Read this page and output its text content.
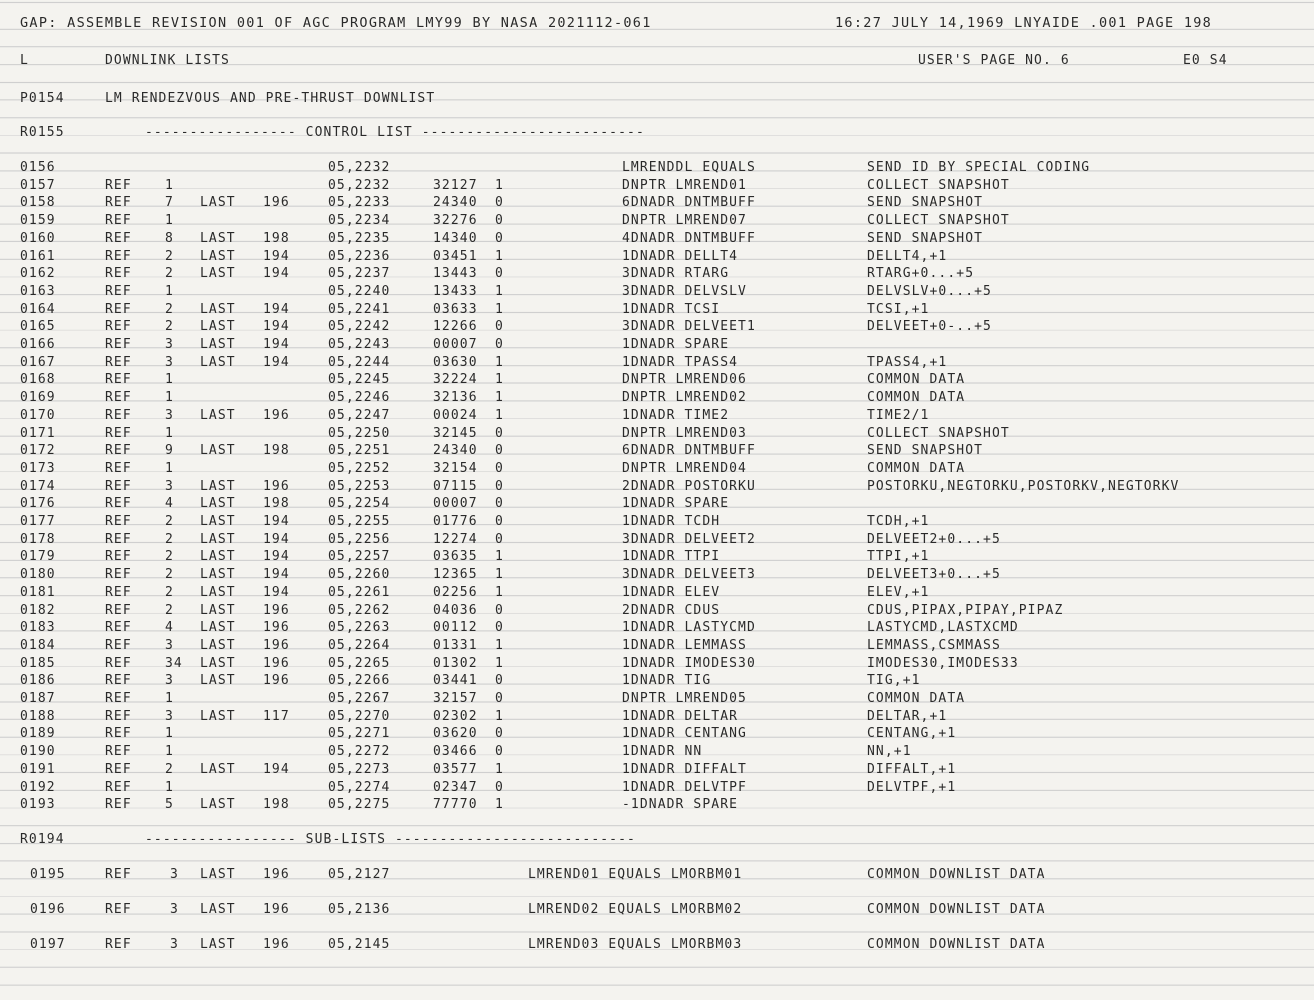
GAP: ASSEMBLE REVISION 001 OF AGC PROGRAM LMY99 BY NASA 2021112-061

	16:27 JULY 14,1969 LNYAIDE .001 PAGE 198

L

	DOWNLINK LISTS

	USER'S PAGE NO. 6

	E0 S4

P0154

	LM RENDEZVOUS AND PRE-THRUST DOWNLIST

R0155

	----------------- CONTROL LIST -------------------------

0156	05,2232	LMRENDDL EQUALS	SEND ID BY SPECIAL CODING
0157	REF	1	05,2232	32127 1	DNPTR LMREND01	COLLECT SNAPSHOT
0158	REF	7 LAST 196	05,2233	24340 0	6DNADR DNTMBUFF	SEND SNAPSHOT
0159	REF	1	05,2234	32276 0	DNPTR LMREND07	COLLECT SNAPSHOT
0160	REF	8 LAST 198	05,2235	14340 0	4DNADR DNTMBUFF	SEND SNAPSHOT
0161	REF	2 LAST 194	05,2236	03451 1	1DNADR DELLT4	DELLT4,+1
0162	REF	2 LAST 194	05,2237	13443 0	3DNADR RTARG	RTARG+0...+5
0163	REF	1	05,2240	13433 1	3DNADR DELVSLV	DELVSLV+0...+5
0164	REF	2 LAST 194	05,2241	03633 1	1DNADR TCSI	TCSI,+1
0165	REF	2 LAST 194	05,2242	12266 0	3DNADR DELVEET1	DELVEET+0-..+5
0166	REF	3 LAST 194	05,2243	00007 0	1DNADR SPARE
0167	REF	3 LAST 194	05,2244	03630 1	1DNADR TPASS4	TPASS4,+1
0168	REF	1	05,2245	32224 1	DNPTR LMREND06	COMMON DATA
0169	REF	1	05,2246	32136 1	DNPTR LMREND02	COMMON DATA
0170	REF	3 LAST 196	05,2247	00024 1	1DNADR TIME2	TIME2/1
0171	REF	1	05,2250	32145 0	DNPTR LMREND03	COLLECT SNAPSHOT
0172	REF	9 LAST 198	05,2251	24340 0	6DNADR DNTMBUFF	SEND SNAPSHOT
0173	REF	1	05,2252	32154 0	DNPTR LMREND04	COMMON DATA
0174	REF	3 LAST 196	05,2253	07115 0	2DNADR POSTORKU	POSTORKU,NEGTORKU,POSTORKV,NEGTORKV
0176	REF	4 LAST 198	05,2254	00007 0	1DNADR SPARE
0177	REF	2 LAST 194	05,2255	01776 0	1DNADR TCDH	TCDH,+1
0178	REF	2 LAST 194	05,2256	12274 0	3DNADR DELVEET2	DELVEET2+0...+5
0179	REF	2 LAST 194	05,2257	03635 1	1DNADR TTPI	TTPI,+1
0180	REF	2 LAST 194	05,2260	12365 1	3DNADR DELVEET3	DELVEET3+0...+5
0181	REF	2 LAST 194	05,2261	02256 1	1DNADR ELEV	ELEV,+1
0182	REF	2 LAST 196	05,2262	04036 0	2DNADR CDUS	CDUS,PIPAX,PIPAY,PIPAZ
0183	REF	4 LAST 196	05,2263	00112 0	1DNADR LASTYCMD	LASTYCMD,LASTXCMD
0184	REF	3 LAST 196	05,2264	01331 1	1DNADR LEMMASS	LEMMASS,CSMMASS
0185	REF	34 LAST 196	05,2265	01302 1	1DNADR IMODES30	IMODES30,IMODES33
0186	REF	3 LAST 196	05,2266	03441 0	1DNADR TIG	TIG,+1
0187	REF	1	05,2267	32157 0	DNPTR LMREND05	COMMON DATA
0188	REF	3 LAST 117	05,2270	02302 1	1DNADR DELTAR	DELTAR,+1
0189	REF	1	05,2271	03620 0	1DNADR CENTANG	CENTANG,+1
0190	REF	1	05,2272	03466 0	1DNADR NN	NN,+1
0191	REF	2 LAST 194	05,2273	03577 1	1DNADR DIFFALT	DIFFALT,+1
0192	REF	1	05,2274	02347 0	1DNADR DELVTPF	DELVTPF,+1
0193	REF	5 LAST 198	05,2275	77770 1	-1DNADR SPARE

R0194

	----------------- SUB-LISTS ---------------------------

0195	REF	3 LAST 196	05,2127	LMREND01 EQUALS LMORBM01	COMMON DOWNLIST DATA
0196	REF	3 LAST 196	05,2136	LMREND02 EQUALS LMORBM02	COMMON DOWNLIST DATA
0197	REF	3 LAST 196	05,2145	LMREND03 EQUALS LMORBM03	COMMON DOWNLIST DATA
